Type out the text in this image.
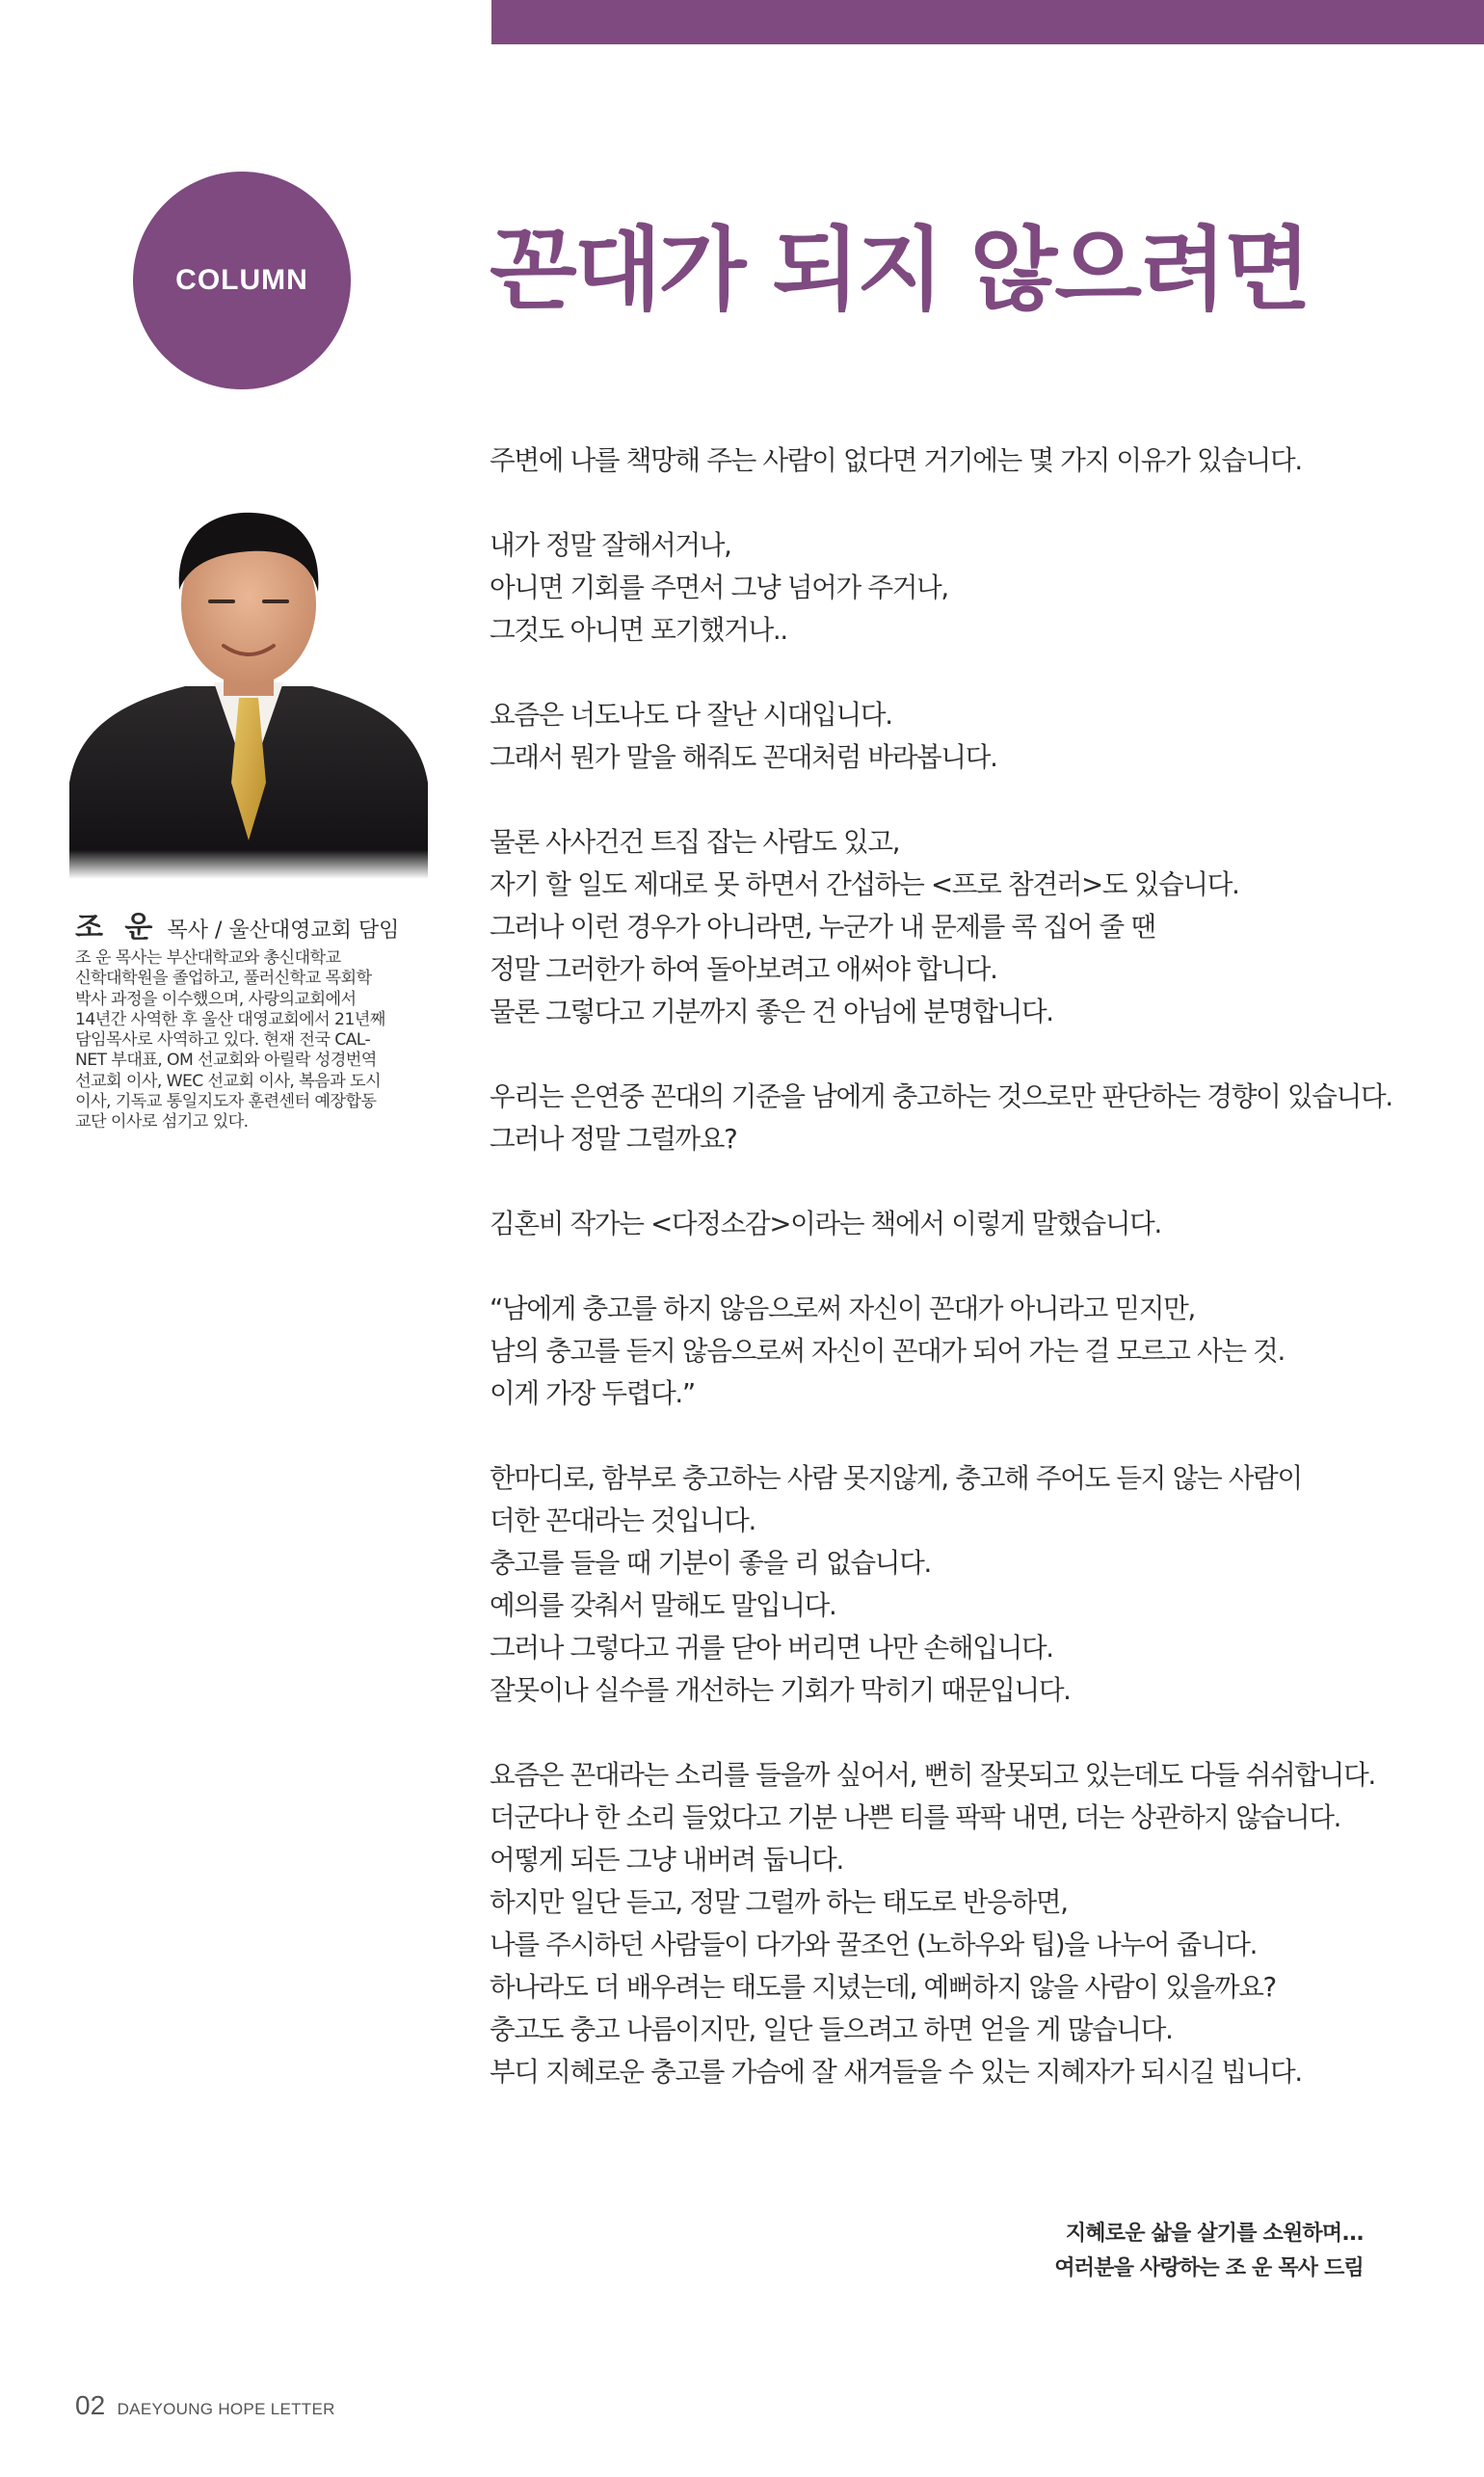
COLUMN 꼰대가 되지 않으려면
조 운 목사 / 울산대영교회 담임
조 운 목사는 부산대학교와 총신대학교
신학대학원을 졸업하고, 풀러신학교 목회학
박사 과정을 이수했으며, 사랑의교회에서
14년간 사역한 후 울산 대영교회에서 21년째
담임목사로 사역하고 있다. 현재 전국 CAL-
NET 부대표, OM 선교회와 아릴락 성경번역
선교회 이사, WEC 선교회 이사, 복음과 도시
이사, 기독교 통일지도자 훈련센터 예장합동
교단 이사로 섬기고 있다.

주변에 나를 책망해 주는 사람이 없다면 거기에는 몇 가지 이유가 있습니다.

내가 정말 잘해서거나,
아니면 기회를 주면서 그냥 넘어가 주거나,
그것도 아니면 포기했거나..

요즘은 너도나도 다 잘난 시대입니다.
그래서 뭔가 말을 해줘도 꼰대처럼 바라봅니다.

물론 사사건건 트집 잡는 사람도 있고,
자기 할 일도 제대로 못 하면서 간섭하는 <프로 참견러>도 있습니다.
그러나 이런 경우가 아니라면, 누군가 내 문제를 콕 집어 줄 땐
정말 그러한가 하여 돌아보려고 애써야 합니다.
물론 그렇다고 기분까지 좋은 건 아님에 분명합니다.

우리는 은연중 꼰대의 기준을 남에게 충고하는 것으로만 판단하는 경향이 있습니다.
그러나 정말 그럴까요?

김혼비 작가는 <다정소감>이라는 책에서 이렇게 말했습니다.

“남에게 충고를 하지 않음으로써 자신이 꼰대가 아니라고 믿지만,
남의 충고를 듣지 않음으로써 자신이 꼰대가 되어 가는 걸 모르고 사는 것.
이게 가장 두렵다.”

한마디로, 함부로 충고하는 사람 못지않게, 충고해 주어도 듣지 않는 사람이
더한 꼰대라는 것입니다.
충고를 들을 때 기분이 좋을 리 없습니다.
예의를 갖춰서 말해도 말입니다.
그러나 그렇다고 귀를 닫아 버리면 나만 손해입니다.
잘못이나 실수를 개선하는 기회가 막히기 때문입니다.

요즘은 꼰대라는 소리를 들을까 싶어서, 뻔히 잘못되고 있는데도 다들 쉬쉬합니다.
더군다나 한 소리 들었다고 기분 나쁜 티를 팍팍 내면, 더는 상관하지 않습니다.
어떻게 되든 그냥 내버려 둡니다.
하지만 일단 듣고, 정말 그럴까 하는 태도로 반응하면,
나를 주시하던 사람들이 다가와 꿀조언 (노하우와 팁)을 나누어 줍니다.
하나라도 더 배우려는 태도를 지녔는데, 예뻐하지 않을 사람이 있을까요?
충고도 충고 나름이지만, 일단 들으려고 하면 얻을 게 많습니다.
부디 지혜로운 충고를 가슴에 잘 새겨들을 수 있는 지혜자가 되시길 빕니다.

지혜로운 삶을 살기를 소원하며...
여러분을 사랑하는 조 운 목사 드림
02 DAEYOUNG HOPE LETTER
